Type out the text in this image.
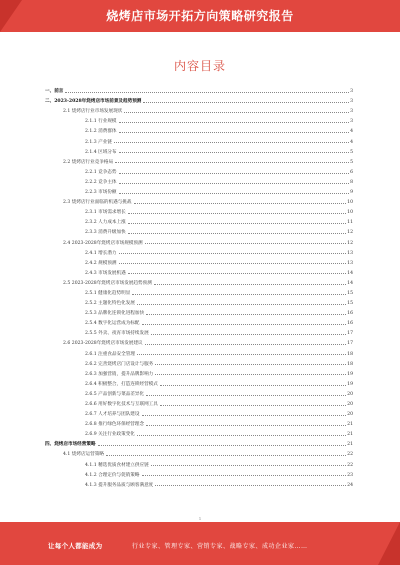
烧烤店市场开拓方向策略研究报告
内容目录
一、前言	3
二、2023-2028年烧烤店市场前景及趋势预测	3
2.1 烧烤店行业市场发展现状	3
2.1.1 行业规模	3
2.1.2 消费群体	4
2.1.3 产业链	4
2.1.4 区域分布	5
2.2 烧烤店行业竞争格局	5
2.2.1 竞争态势	6
2.2.2 竞争主体	8
2.2.3 市场份额	9
2.3 烧烤店行业面临的机遇与挑战	10
2.3.1 市场需求增长	10
2.3.2 人力成本上涨	11
2.3.3 消费升级加快	12
2.4 2023-2028年烧烤店市场规模预测	12
2.4.1 增长潜力	13
2.4.2 规模预测	13
2.4.3 市场发展机遇	14
2.5 2023-2028年烧烤店市场发展趋势预测	14
2.5.1 健康化趋势明显	15
2.5.2 主题化特色化发展	15
2.5.3 品牌化连锁化进程加快	16
2.5.4 数字化运营成为标配	16
2.5.5 外卖、夜宵市场持续发展	17
2.6 2023-2028年烧烤店市场发展建议	17
2.6.1 注重食品安全管理	18
2.6.2 完善烧烤店门店设计与服务	18
2.6.3 加强营销，提升品牌影响力	19
2.6.4 积极整合，打造连锁经营模式	19
2.6.5 产品创新与菜品差异化	20
2.6.6 用好数字化技术与互联网工具	20
2.6.7 人才培养与团队建设	20
2.6.8 推行绿色环保经营理念	21
2.6.9 关注行业政策变化	21
四、烧烤店市场经营策略	21
4.1 烧烤店运营策略	22
4.1.1 精选优质食材建立供应链	22
4.1.2 合理定价与促销策略	23
4.1.3 提升服务品质与顾客满意度	24
1
让每个人都能成为	行业专家、管理专家、营销专家、战略专家、成功企业家……
